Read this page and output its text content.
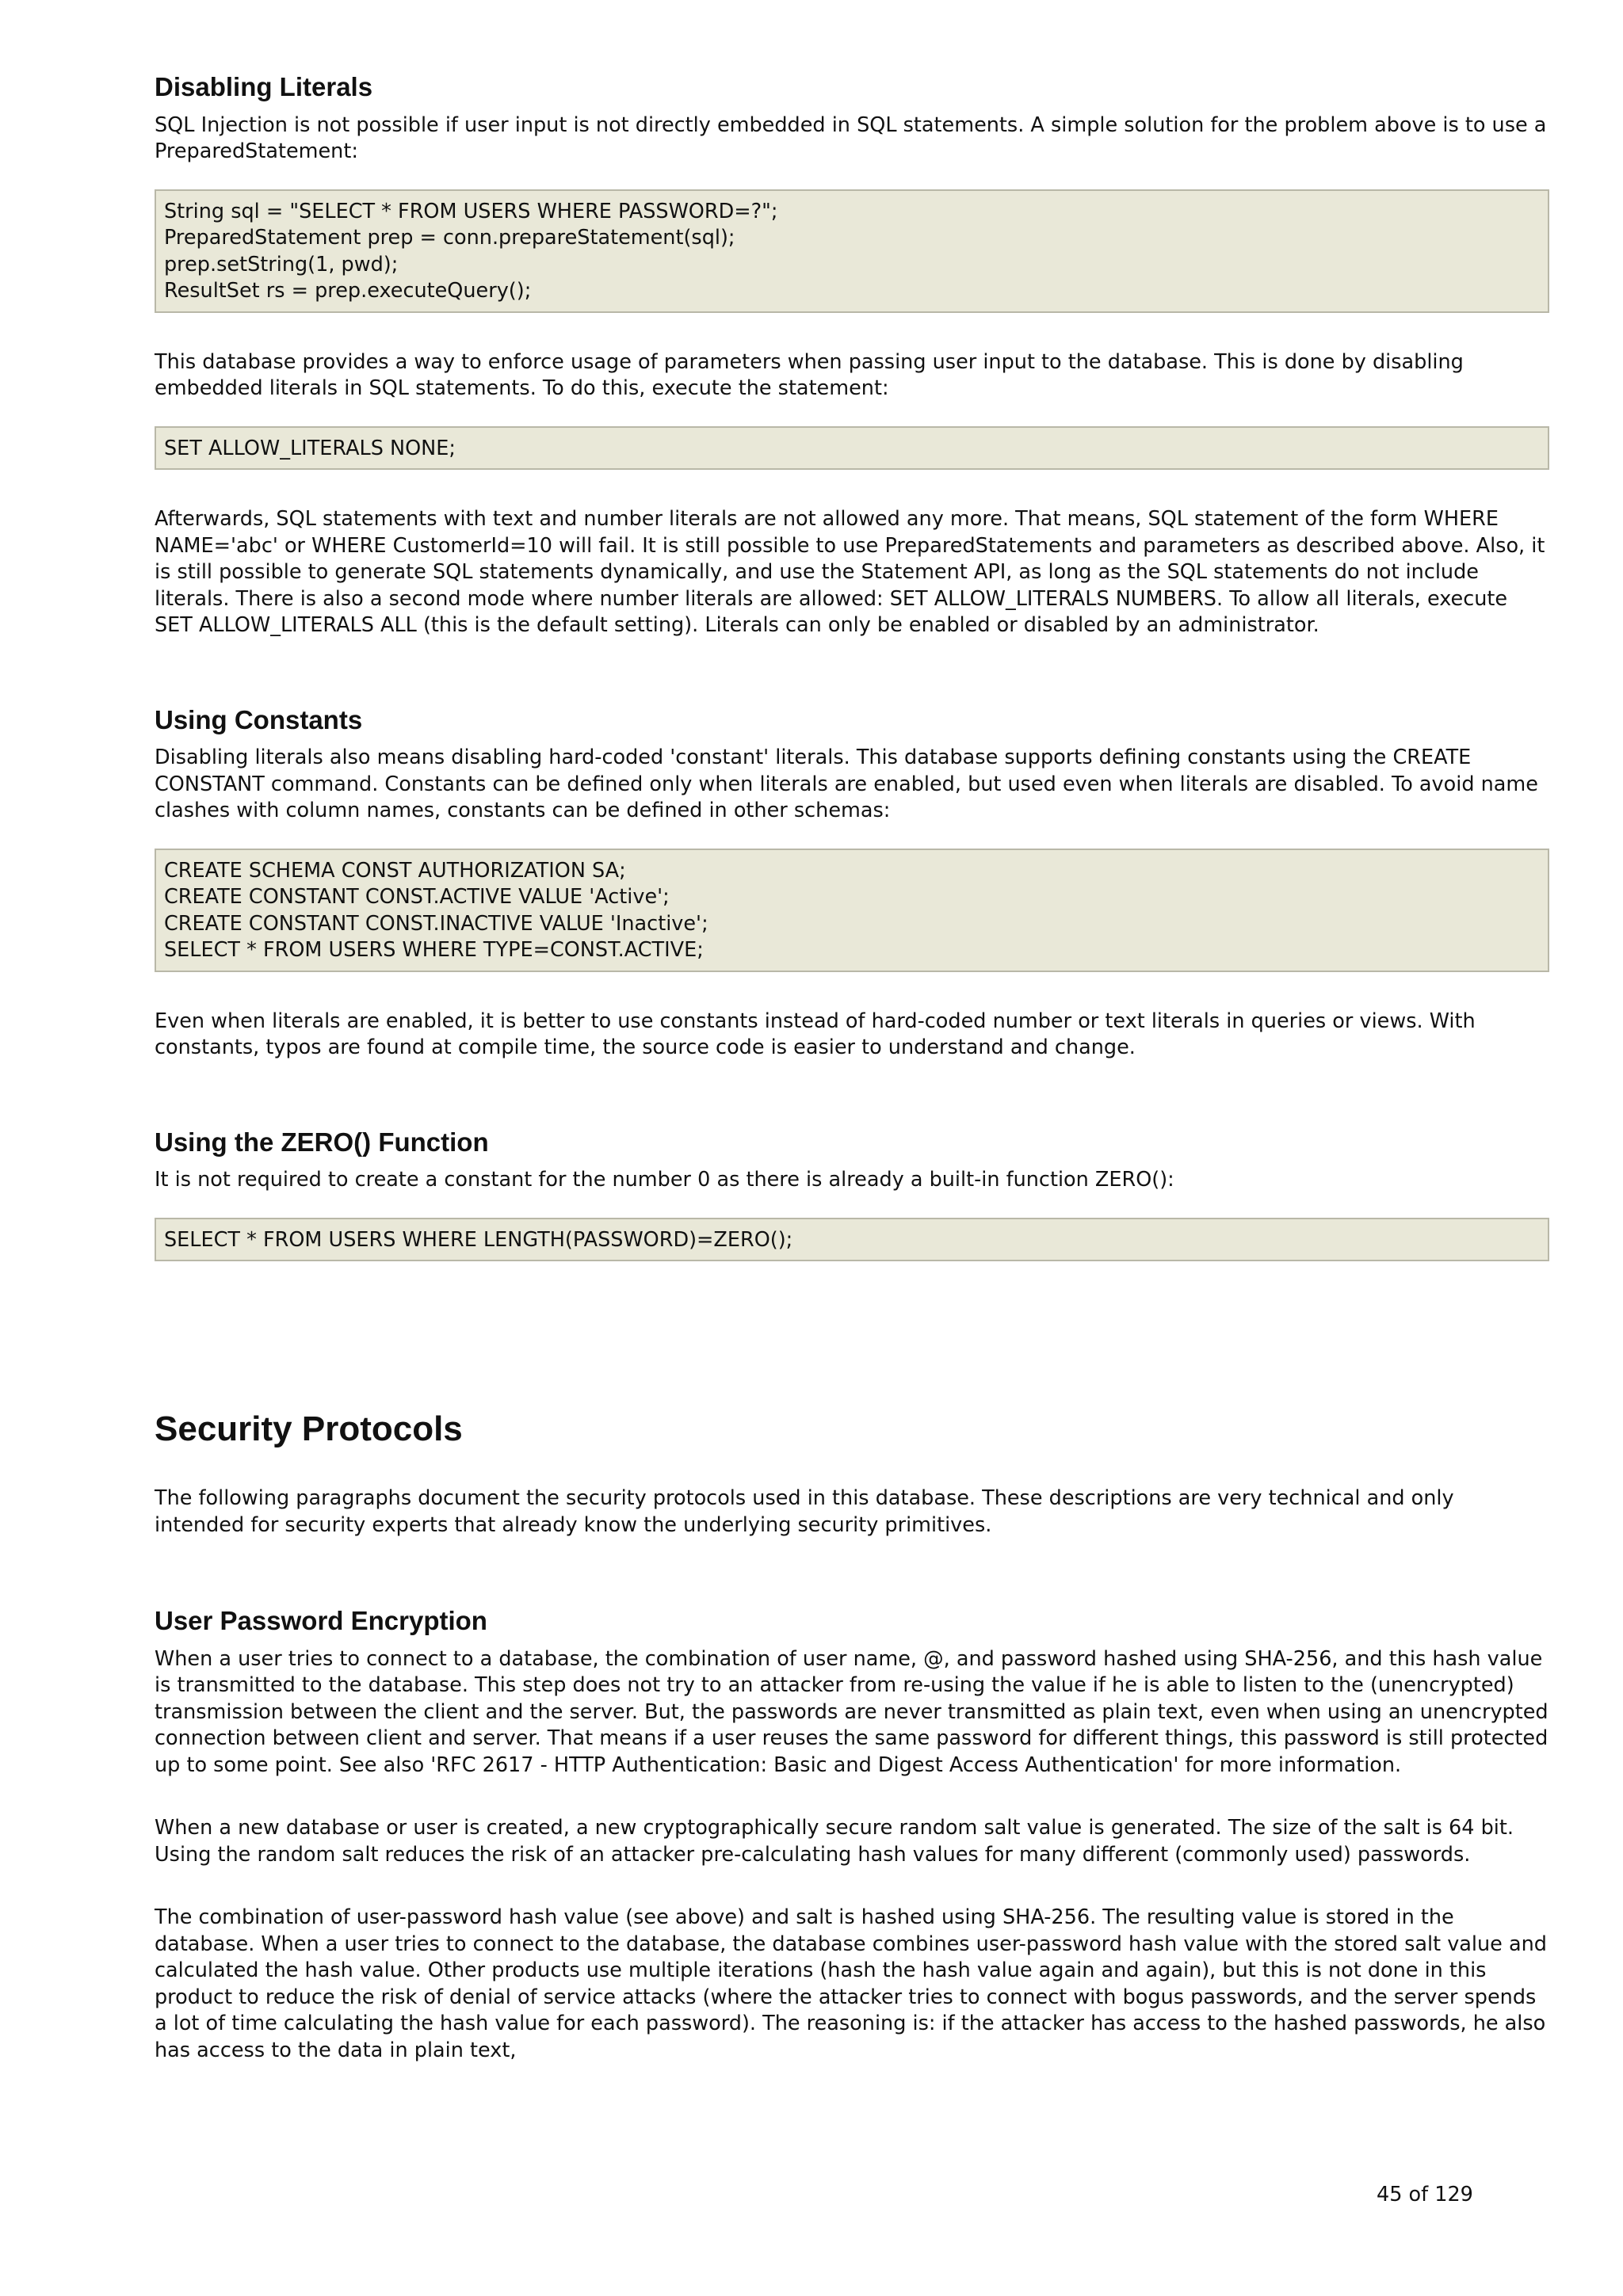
Disabling Literals

SQL Injection is not possible if user input is not directly embedded in SQL statements. A simple solution for the problem above is to use a PreparedStatement:

String sql = "SELECT * FROM USERS WHERE PASSWORD=?";
PreparedStatement prep = conn.prepareStatement(sql);
prep.setString(1, pwd);
ResultSet rs = prep.executeQuery();

This database provides a way to enforce usage of parameters when passing user input to the database. This is done by disabling embedded literals in SQL statements. To do this, execute the statement:

SET ALLOW_LITERALS NONE;

Afterwards, SQL statements with text and number literals are not allowed any more. That means, SQL statement of the form WHERE NAME='abc' or WHERE CustomerId=10 will fail. It is still possible to use PreparedStatements and parameters as described above. Also, it is still possible to generate SQL statements dynamically, and use the Statement API, as long as the SQL statements do not include literals. There is also a second mode where number literals are allowed: SET ALLOW_LITERALS NUMBERS. To allow all literals, execute SET ALLOW_LITERALS ALL (this is the default setting). Literals can only be enabled or disabled by an administrator.

Using Constants

Disabling literals also means disabling hard-coded 'constant' literals. This database supports defining constants using the CREATE CONSTANT command. Constants can be defined only when literals are enabled, but used even when literals are disabled. To avoid name clashes with column names, constants can be defined in other schemas:

CREATE SCHEMA CONST AUTHORIZATION SA;
CREATE CONSTANT CONST.ACTIVE VALUE 'Active';
CREATE CONSTANT CONST.INACTIVE VALUE 'Inactive';
SELECT * FROM USERS WHERE TYPE=CONST.ACTIVE;

Even when literals are enabled, it is better to use constants instead of hard-coded number or text literals in queries or views. With constants, typos are found at compile time, the source code is easier to understand and change.

Using the ZERO() Function

It is not required to create a constant for the number 0 as there is already a built-in function ZERO():

SELECT * FROM USERS WHERE LENGTH(PASSWORD)=ZERO();
Security Protocols

The following paragraphs document the security protocols used in this database. These descriptions are very technical and only intended for security experts that already know the underlying security primitives.

User Password Encryption

When a user tries to connect to a database, the combination of user name, @, and password hashed using SHA-256, and this hash value is transmitted to the database. This step does not try to an attacker from re-using the value if he is able to listen to the (unencrypted) transmission between the client and the server. But, the passwords are never transmitted as plain text, even when using an unencrypted connection between client and server. That means if a user reuses the same password for different things, this password is still protected up to some point. See also 'RFC 2617 - HTTP Authentication: Basic and Digest Access Authentication' for more information.

When a new database or user is created, a new cryptographically secure random salt value is generated. The size of the salt is 64 bit. Using the random salt reduces the risk of an attacker pre-calculating hash values for many different (commonly used) passwords.

The combination of user-password hash value (see above) and salt is hashed using SHA-256. The resulting value is stored in the database. When a user tries to connect to the database, the database combines user-password hash value with the stored salt value and calculated the hash value. Other products use multiple iterations (hash the hash value again and again), but this is not done in this product to reduce the risk of denial of service attacks (where the attacker tries to connect with bogus passwords, and the server spends a lot of time calculating the hash value for each password). The reasoning is: if the attacker has access to the hashed passwords, he also has access to the data in plain text,

45 of 129
